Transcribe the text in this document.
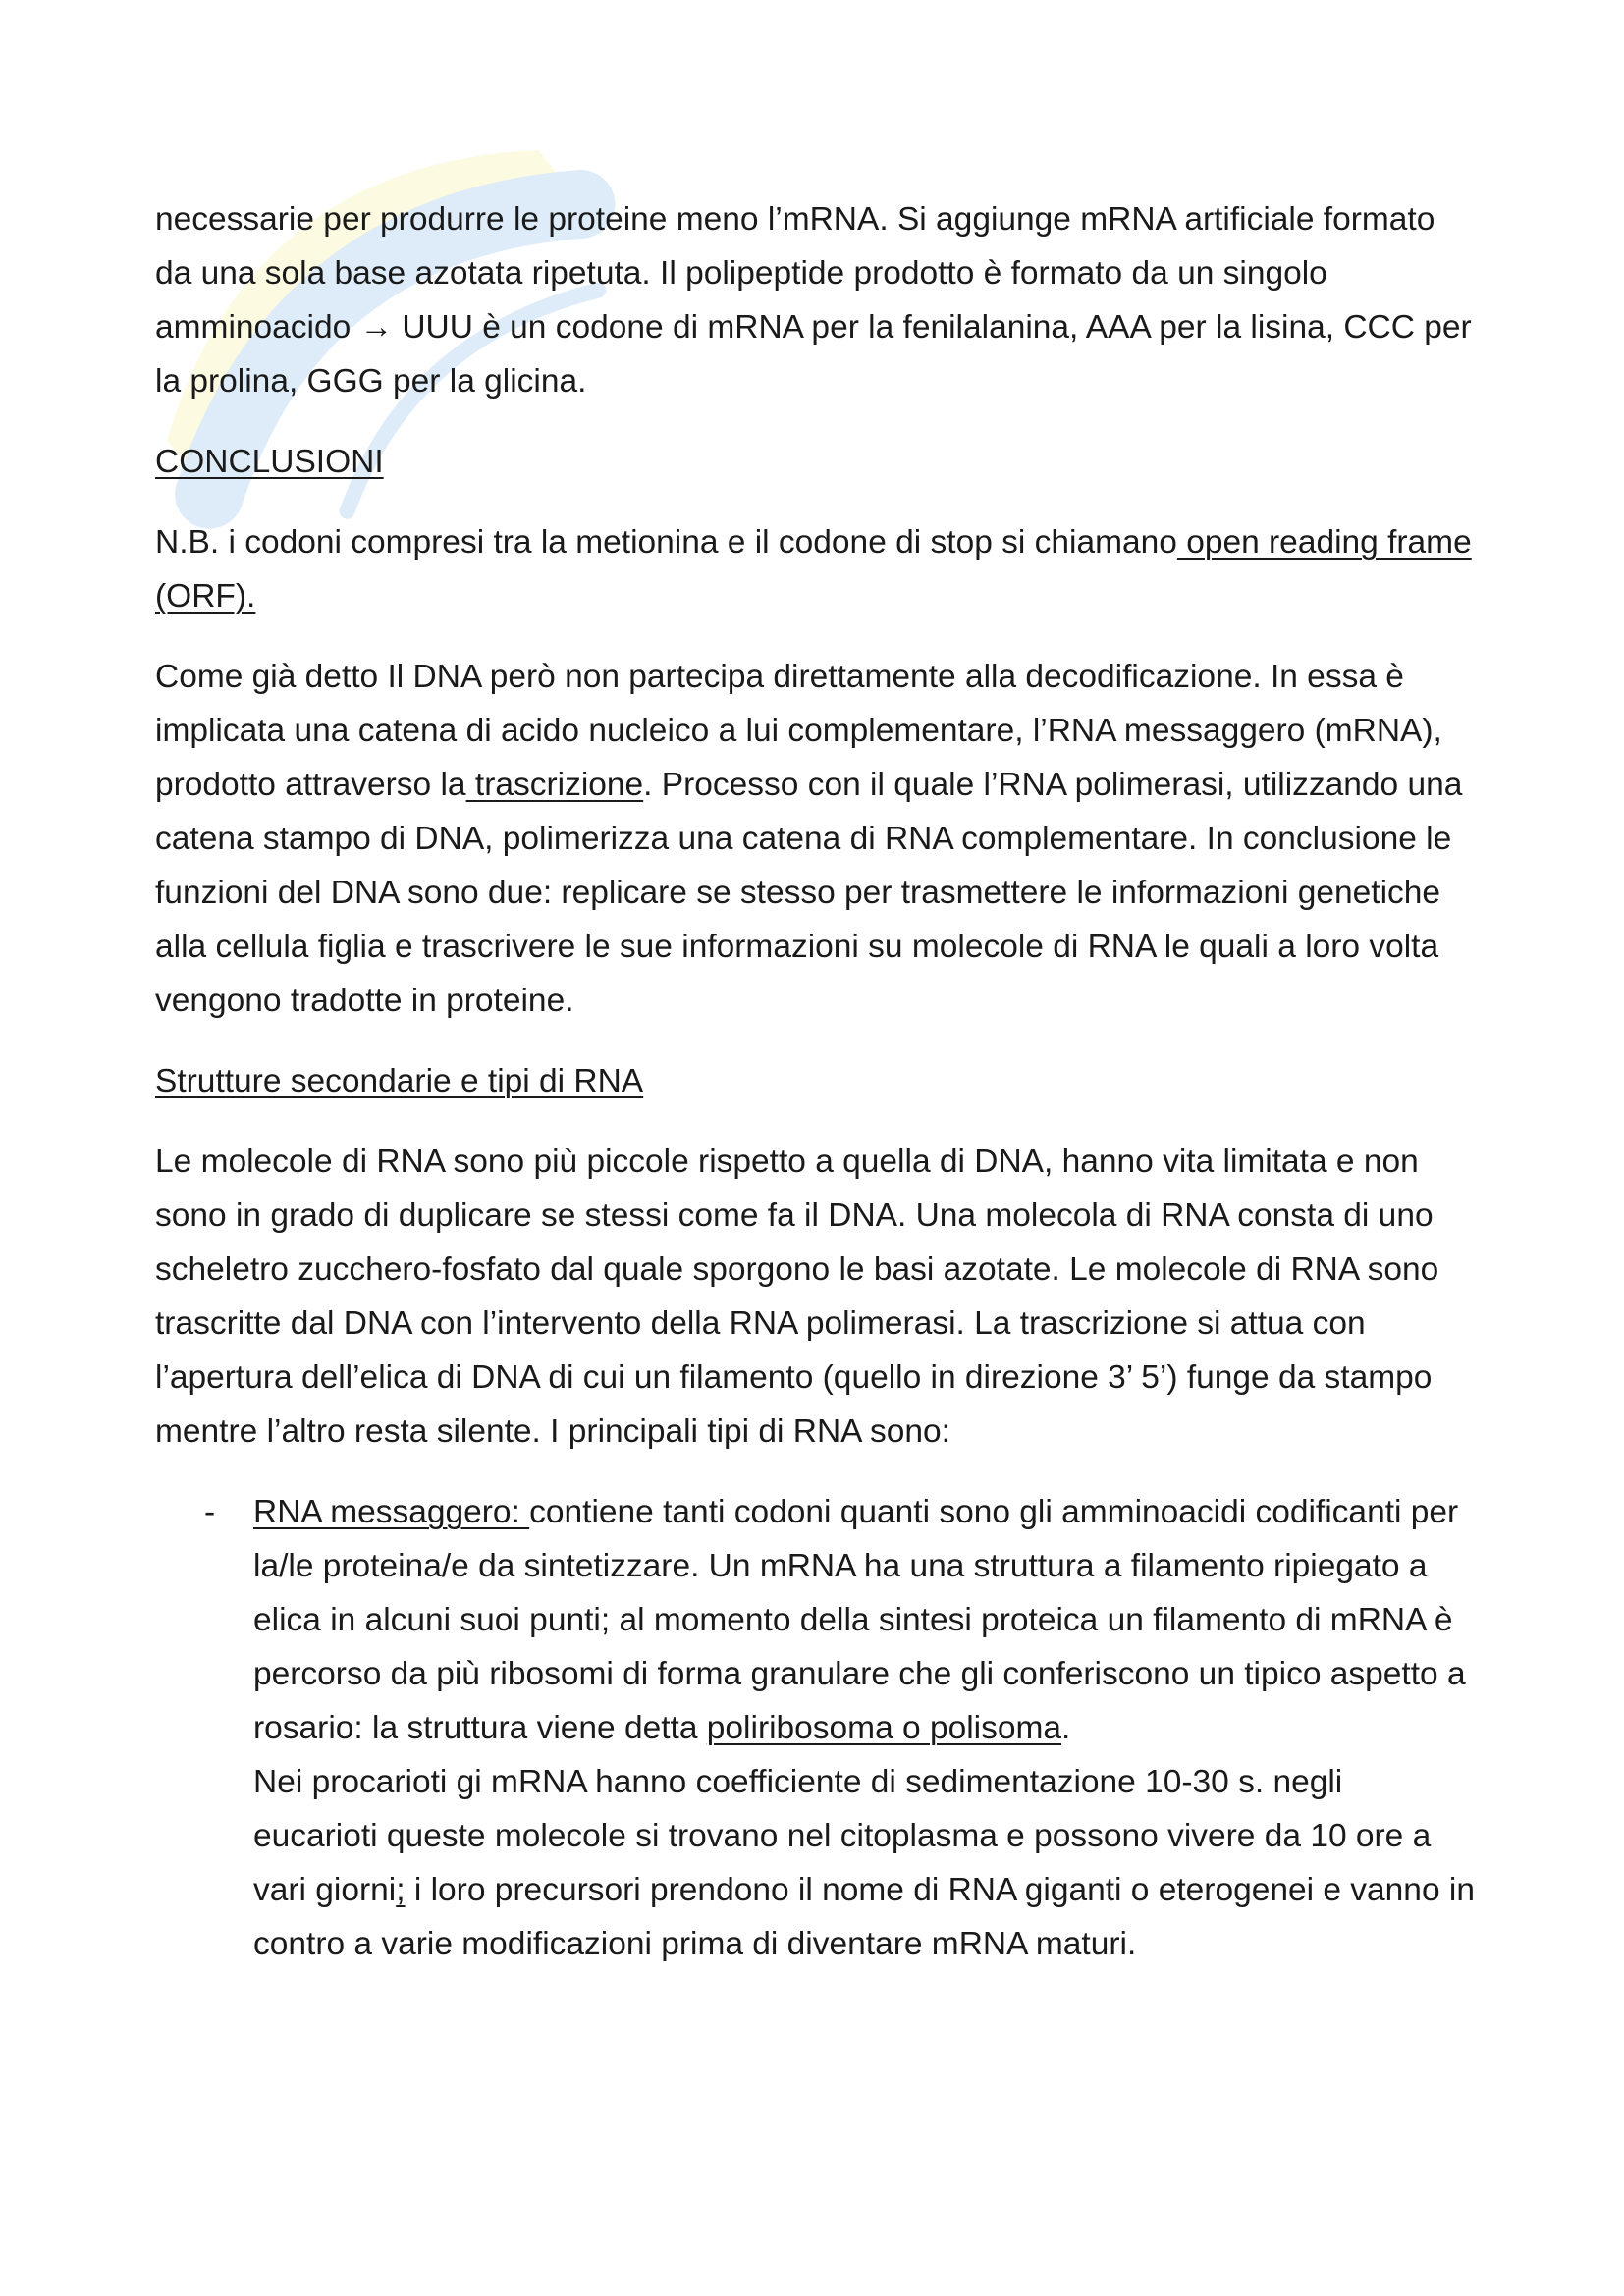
necessarie per produrre le proteine meno l’mRNA. Si aggiunge mRNA artificiale formato da una sola base azotata ripetuta. Il polipeptide prodotto è formato da un singolo amminoacido → UUU è un codone di mRNA per la fenilalanina, AAA per la lisina, CCC per la prolina, GGG per la glicina.

CONCLUSIONI

N.B. i codoni compresi tra la metionina e il codone di stop si chiamano open reading frame (ORF).

Come già detto Il DNA però non partecipa direttamente alla decodificazione. In essa è implicata una catena di acido nucleico a lui complementare, l’RNA messaggero (mRNA), prodotto attraverso la trascrizione. Processo con il quale l’RNA polimerasi, utilizzando una catena stampo di DNA, polimerizza una catena di RNA complementare. In conclusione le funzioni del DNA sono due: replicare se stesso per trasmettere le informazioni genetiche alla cellula figlia e trascrivere le sue informazioni su molecole di RNA le quali a loro volta vengono tradotte in proteine.

Strutture secondarie e tipi di RNA

Le molecole di RNA sono più piccole rispetto a quella di DNA, hanno vita limitata e non sono in grado di duplicare se stessi come fa il DNA. Una molecola di RNA consta di uno scheletro zucchero-fosfato dal quale sporgono le basi azotate. Le molecole di RNA sono trascritte dal DNA con l’intervento della RNA polimerasi. La trascrizione si attua con l’apertura dell’elica di DNA di cui un filamento (quello in direzione 3’ 5’) funge da stampo mentre l’altro resta silente. I principali tipi di RNA sono:

- RNA messaggero: contiene tanti codoni quanti sono gli amminoacidi codificanti per la/le proteina/e da sintetizzare. Un mRNA ha una struttura a filamento ripiegato a elica in alcuni suoi punti; al momento della sintesi proteica un filamento di mRNA è percorso da più ribosomi di forma granulare che gli conferiscono un tipico aspetto a rosario: la struttura viene detta poliribosoma o polisoma.
Nei procarioti gi mRNA hanno coefficiente di sedimentazione 10-30 s. negli eucarioti queste molecole si trovano nel citoplasma e possono vivere da 10 ore a vari giorni; i loro precursori prendono il nome di RNA giganti o eterogenei e vanno in contro a varie modificazioni prima di diventare mRNA maturi.
